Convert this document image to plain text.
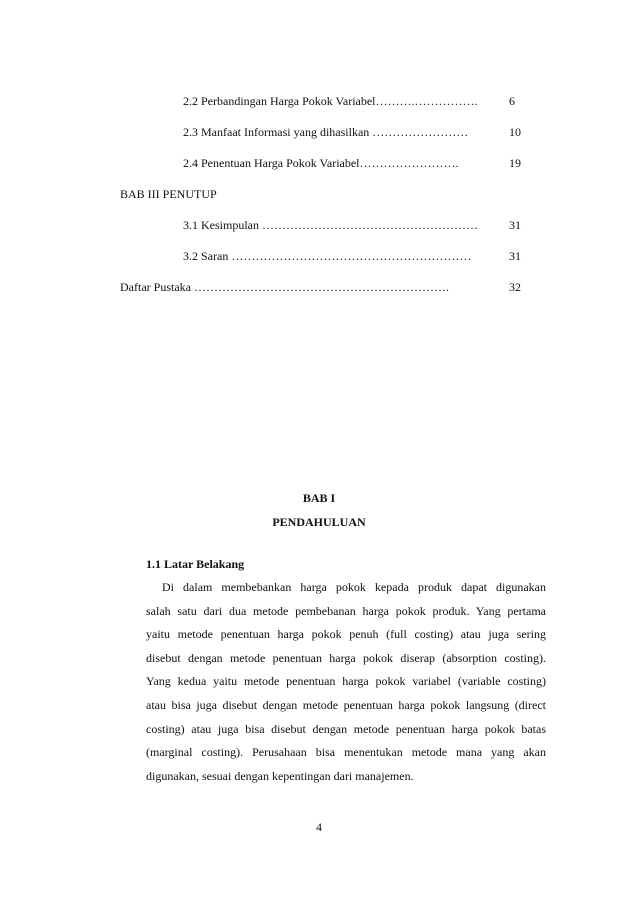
2.2 Perbandingan Harga Pokok Variabel……….…………….	6
2.3 Manfaat Informasi yang dihasilkan ……………………	10
2.4 Penentuan Harga Pokok Variabel…………………….	19
BAB III PENUTUP
3.1 Kesimpulan ………………………………………………	31
3.2 Saran ……………………………………………………	31
Daftar Pustaka ……………………………………………………….	32
BAB I
PENDAHULUAN
1.1 Latar Belakang
Di dalam membebankan harga pokok kepada produk dapat digunakan
salah satu dari dua metode pembebanan harga pokok produk. Yang pertama
yaitu metode penentuan harga pokok penuh (full costing) atau juga sering
disebut dengan metode penentuan harga pokok diserap (absorption costing).
Yang kedua yaitu metode penentuan harga pokok variabel (variable costing)
atau bisa juga disebut dengan metode penentuan harga pokok langsung (direct
costing) atau juga bisa disebut dengan metode penentuan harga pokok batas
(marginal costing). Perusahaan bisa menentukan metode mana yang akan
digunakan, sesuai dengan kepentingan dari manajemen.
4
